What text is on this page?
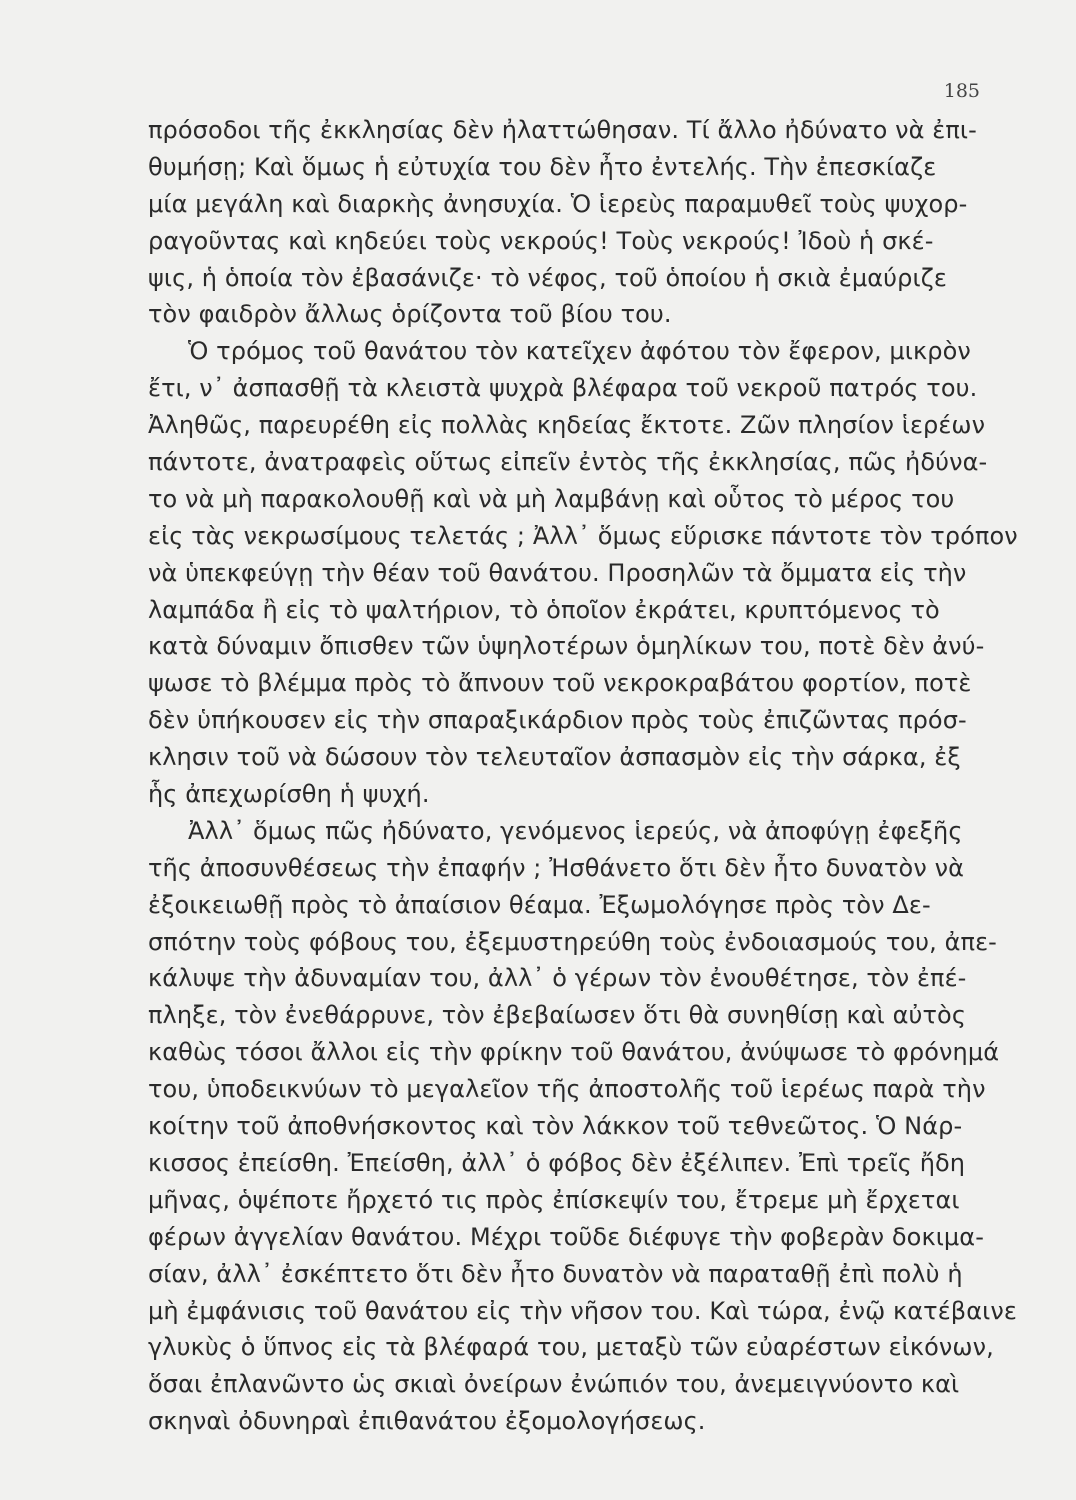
185
πρόσοδοι τῆς ἐκκλησίας δὲν ἠλαττώθησαν. Τί ἄλλο ἠδύνατο νὰ ἐπι-
θυμήσῃ; Καὶ ὅμως ἡ εὐτυχία του δὲν ἦτο ἐντελής. Τὴν ἐπεσκίαζε
μία μεγάλη καὶ διαρκὴς ἀνησυχία. Ὁ ἱερεὺς παραμυθεῖ τοὺς ψυχορ-
ραγοῦντας καὶ κηδεύει τοὺς νεκρούς! Τοὺς νεκρούς! Ἰδοὺ ἡ σκέ-
ψις, ἡ ὁποία τὸν ἐβασάνιζε· τὸ νέφος, τοῦ ὁποίου ἡ σκιὰ ἐμαύριζε
τὸν φαιδρὸν ἄλλως ὁρίζοντα τοῦ βίου του.
Ὁ τρόμος τοῦ θανάτου τὸν κατεῖχεν ἀφότου τὸν ἔφερον, μικρὸν
ἔτι, ν᾽ ἀσπασθῇ τὰ κλειστὰ ψυχρὰ βλέφαρα τοῦ νεκροῦ πατρός του.
Ἀληθῶς, παρευρέθη εἰς πολλὰς κηδείας ἔκτοτε. Ζῶν πλησίον ἱερέων
πάντοτε, ἀνατραφεὶς οὕτως εἰπεῖν ἐντὸς τῆς ἐκκλησίας, πῶς ἠδύνα-
το νὰ μὴ παρακολουθῇ καὶ νὰ μὴ λαμβάνῃ καὶ οὗτος τὸ μέρος του
εἰς τὰς νεκρωσίμους τελετάς ; Ἀλλ᾽ ὅμως εὕρισκε πάντοτε τὸν τρόπον
νὰ ὑπεκφεύγῃ τὴν θέαν τοῦ θανάτου. Προσηλῶν τὰ ὄμματα εἰς τὴν
λαμπάδα ἢ εἰς τὸ ψαλτήριον, τὸ ὁποῖον ἐκράτει, κρυπτόμενος τὸ
κατὰ δύναμιν ὄπισθεν τῶν ὑψηλοτέρων ὁμηλίκων του, ποτὲ δὲν ἀνύ-
ψωσε τὸ βλέμμα πρὸς τὸ ἄπνουν τοῦ νεκροκραβάτου φορτίον, ποτὲ
δὲν ὑπήκουσεν εἰς τὴν σπαραξικάρδιον πρὸς τοὺς ἐπιζῶντας πρόσ-
κλησιν τοῦ νὰ δώσουν τὸν τελευταῖον ἀσπασμὸν εἰς τὴν σάρκα, ἐξ
ἧς ἀπεχωρίσθη ἡ ψυχή.
Ἀλλ᾽ ὅμως πῶς ἠδύνατο, γενόμενος ἱερεύς, νὰ ἀποφύγῃ ἐφεξῆς
τῆς ἀποσυνθέσεως τὴν ἐπαφήν ; Ἠσθάνετο ὅτι δὲν ἦτο δυνατὸν νὰ
ἐξοικειωθῇ πρὸς τὸ ἀπαίσιον θέαμα. Ἐξωμολόγησε πρὸς τὸν Δε-
σπότην τοὺς φόβους του, ἐξεμυστηρεύθη τοὺς ἐνδοιασμούς του, ἀπε-
κάλυψε τὴν ἀδυναμίαν του, ἀλλ᾽ ὁ γέρων τὸν ἐνουθέτησε, τὸν ἐπέ-
πληξε, τὸν ἐνεθάρρυνε, τὸν ἐβεβαίωσεν ὅτι θὰ συνηθίσῃ καὶ αὐτὸς
καθὼς τόσοι ἄλλοι εἰς τὴν φρίκην τοῦ θανάτου, ἀνύψωσε τὸ φρόνημά
του, ὑποδεικνύων τὸ μεγαλεῖον τῆς ἀποστολῆς τοῦ ἱερέως παρὰ τὴν
κοίτην τοῦ ἀποθνήσκοντος καὶ τὸν λάκκον τοῦ τεθνεῶτος. Ὁ Νάρ-
κισσος ἐπείσθη. Ἐπείσθη, ἀλλ᾽ ὁ φόβος δὲν ἐξέλιπεν. Ἐπὶ τρεῖς ἤδη
μῆνας, ὁψέποτε ἤρχετό τις πρὸς ἐπίσκεψίν του, ἔτρεμε μὴ ἔρχεται
φέρων ἀγγελίαν θανάτου. Μέχρι τοῦδε διέφυγε τὴν φοβερὰν δοκιμα-
σίαν, ἀλλ᾽ ἐσκέπτετο ὅτι δὲν ἦτο δυνατὸν νὰ παραταθῇ ἐπὶ πολὺ ἡ
μὴ ἐμφάνισις τοῦ θανάτου εἰς τὴν νῆσον του. Καὶ τώρα, ἐνῷ κατέβαινε
γλυκὺς ὁ ὕπνος εἰς τὰ βλέφαρά του, μεταξὺ τῶν εὐαρέστων εἰκόνων,
ὅσαι ἐπλανῶντο ὡς σκιαὶ ὀνείρων ἐνώπιόν του, ἀνεμειγνύοντο καὶ
σκηναὶ ὀδυνηραὶ ἐπιθανάτου ἐξομολογήσεως.
